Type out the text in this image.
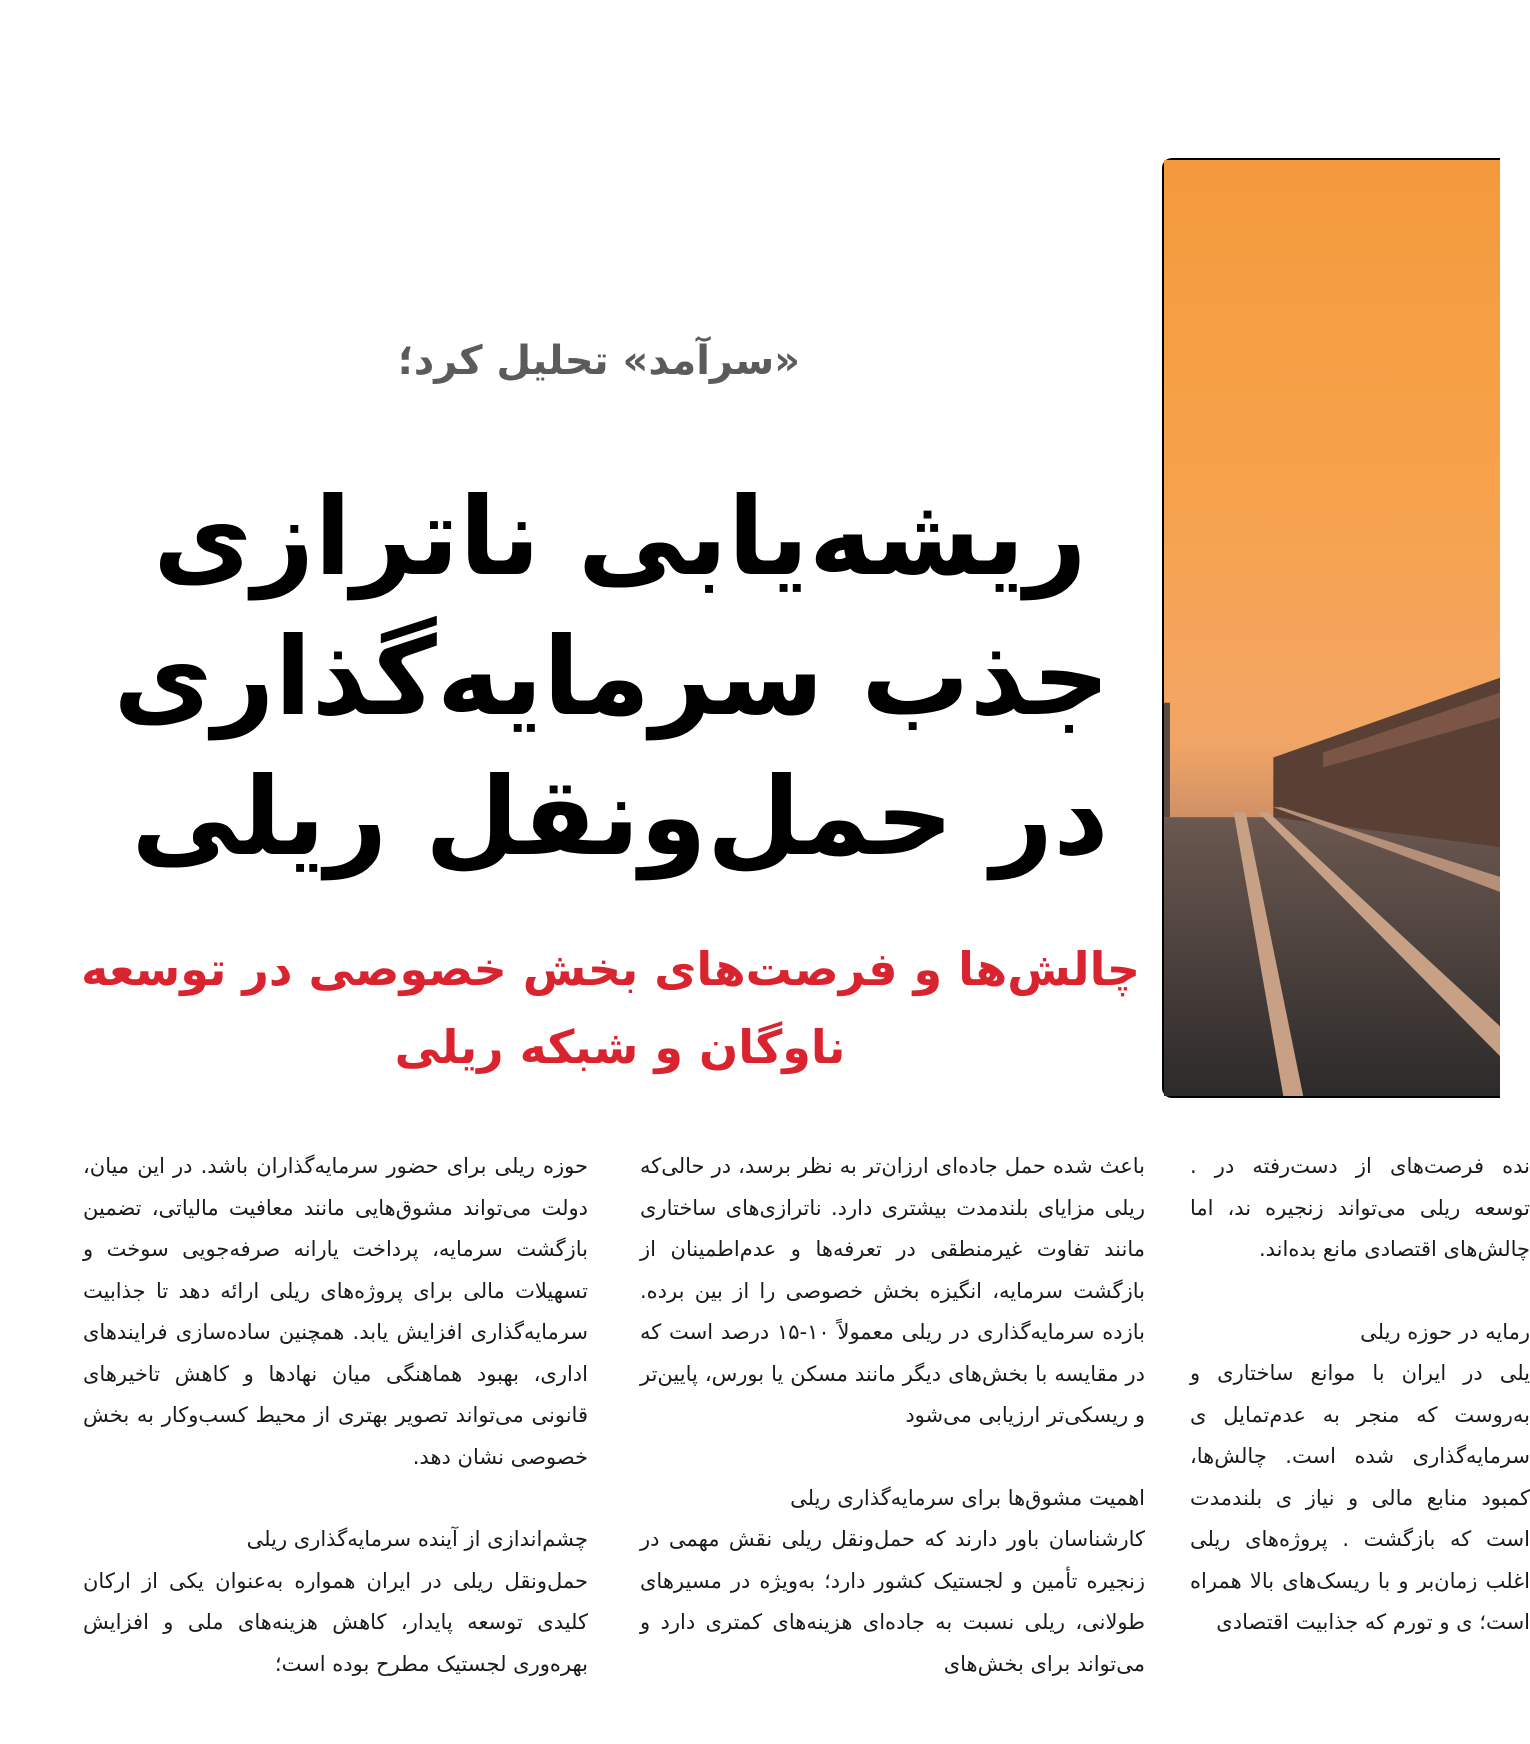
«سرآمد» تحلیل کرد؛
ریشه‌یابی ناترازی
جذب سرمایه‌گذاری
در حمل‌ونقل ریلی
چالش‌ها و فرصت‌های بخش خصوصی در توسعه
ناوگان و شبکه ریلی

نده فرصت‌های از دست‌رفته در . توسعه ریلی می‌تواند زنجیره ند، اما چالش‌های اقتصادی مانع بده‌اند.

رمایه در حوزه ریلی

یلی در ایران با موانع ساختاری و به‌روست که منجر به عدم‌تمایل ی سرمایه‌گذاری شده است. چالش‌ها، کمبود منابع مالی و نیاز ی بلندمدت است که بازگشت . پروژه‌های ریلی اغلب زمان‌بر و با ریسک‌های بالا همراه است؛ ی و تورم که جذابیت اقتصادی

باعث شده حمل جاده‌ای ارزان‌تر به نظر برسد، در حالی‌که ریلی مزایای بلندمدت بیشتری دارد. ناترازی‌های ساختاری مانند تفاوت غیرمنطقی در تعرفه‌ها و عدم‌اطمینان از بازگشت سرمایه، انگیزه بخش خصوصی را از بین برده. بازده سرمایه‌گذاری در ریلی معمولاً ۱۰-۱۵ درصد است که در مقایسه با بخش‌های دیگر مانند مسکن یا بورس، پایین‌تر و ریسکی‌تر ارزیابی می‌شود

اهمیت مشوق‌ها برای سرمایه‌گذاری ریلی

کارشناسان باور دارند که حمل‌ونقل ریلی نقش مهمی در زنجیره تأمین و لجستیک کشور دارد؛ به‌ویژه در مسیرهای طولانی، ریلی نسبت به جاده‌ای هزینه‌های کمتری دارد و می‌تواند برای بخش‌های

حوزه ریلی برای حضور سرمایه‌گذاران باشد. در این میان، دولت می‌تواند مشوق‌هایی مانند معافیت مالیاتی، تضمین بازگشت سرمایه، پرداخت یارانه صرفه‌جویی سوخت و تسهیلات مالی برای پروژه‌های ریلی ارائه دهد تا جذابیت سرمایه‌گذاری افزایش یابد. همچنین ساده‌سازی فرایندهای اداری، بهبود هماهنگی میان نهادها و کاهش تاخیرهای قانونی می‌تواند تصویر بهتری از محیط کسب‌وکار به بخش خصوصی نشان دهد.

چشم‌اندازی از آینده سرمایه‌گذاری ریلی

حمل‌ونقل ریلی در ایران همواره به‌عنوان یکی از ارکان کلیدی توسعه پایدار، کاهش هزینه‌های ملی و افزایش بهره‌وری لجستیک مطرح بوده است؛
